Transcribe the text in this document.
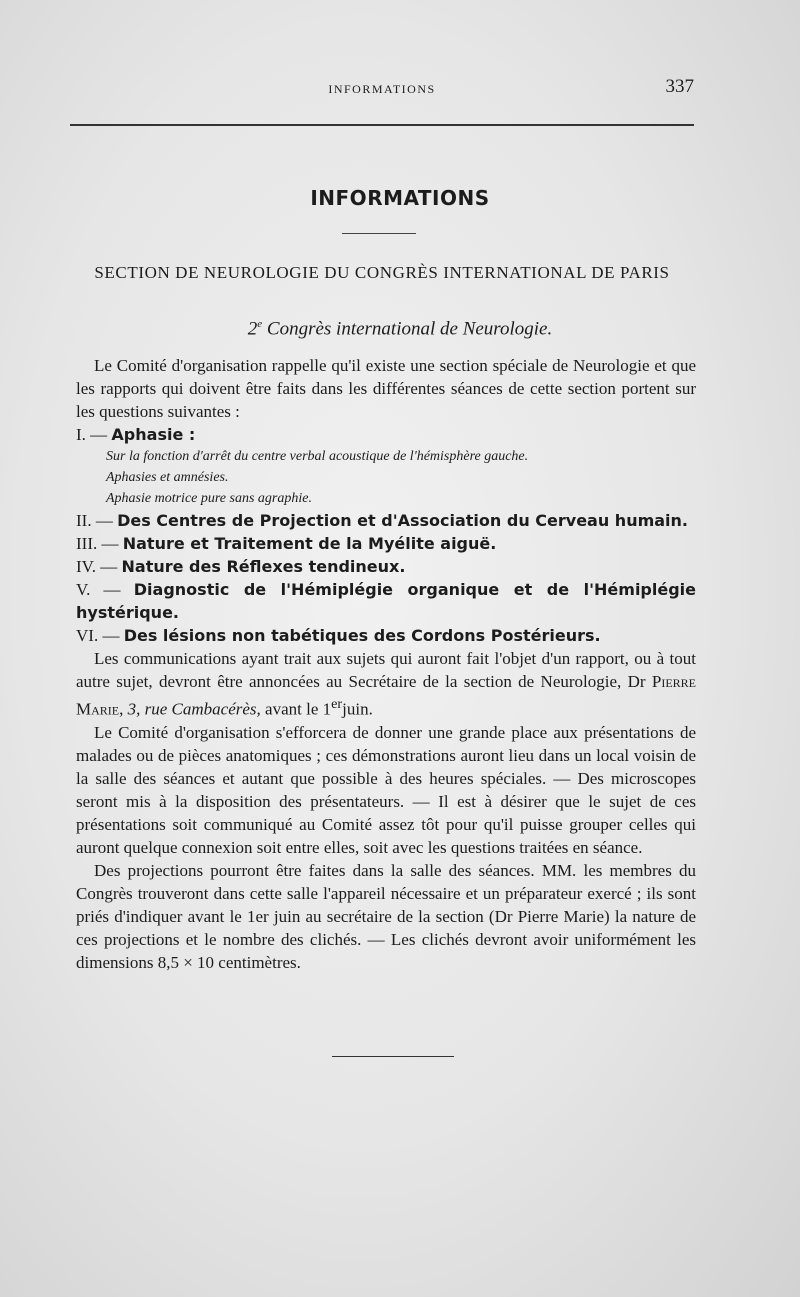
INFORMATIONS	337
INFORMATIONS
SECTION DE NEUROLOGIE DU CONGRÈS INTERNATIONAL DE PARIS
2e Congrès international de Neurologie.

Le Comité d'organisation rappelle qu'il existe une section spéciale de Neurologie et que les rapports qui doivent être faits dans les différentes séances de cette section portent sur les questions suivantes :

I. — Aphasie :

Sur la fonction d'arrêt du centre verbal acoustique de l'hémisphère gauche.

Aphasies et amnésies.

Aphasie motrice pure sans agraphie.

II. — Des Centres de Projection et d'Association du Cerveau humain.

III. — Nature et Traitement de la Myélite aiguë.

IV. — Nature des Réflexes tendineux.

V. — Diagnostic de l'Hémiplégie organique et de l'Hémiplégie hystérique.

VI. — Des lésions non tabétiques des Cordons Postérieurs.

Les communications ayant trait aux sujets qui auront fait l'objet d'un rapport, ou à tout autre sujet, devront être annoncées au Secrétaire de la section de Neurologie, Dr Pierre Marie, 3, rue Cambacérès, avant le 1erjuin.

Le Comité d'organisation s'efforcera de donner une grande place aux présentations de malades ou de pièces anatomiques ; ces démonstrations auront lieu dans un local voisin de la salle des séances et autant que possible à des heures spéciales. — Des microscopes seront mis à la disposition des présentateurs. — Il est à désirer que le sujet de ces présentations soit communiqué au Comité assez tôt pour qu'il puisse grouper celles qui auront quelque connexion soit entre elles, soit avec les questions traitées en séance.

Des projections pourront être faites dans la salle des séances. MM. les membres du Congrès trouveront dans cette salle l'appareil nécessaire et un préparateur exercé ; ils sont priés d'indiquer avant le 1er juin au secrétaire de la section (Dr Pierre Marie) la nature de ces projections et le nombre des clichés. — Les clichés devront avoir uniformément les dimensions 8,5 × 10 centimètres.
